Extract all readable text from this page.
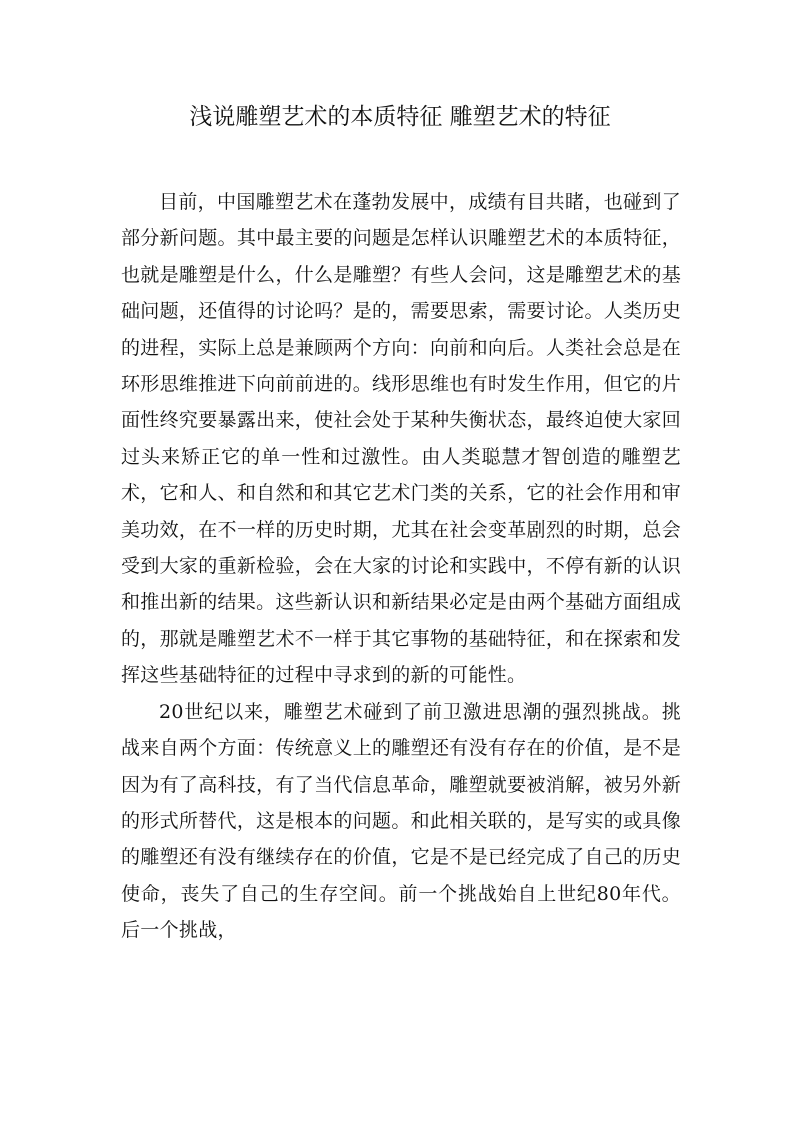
浅说雕塑艺术的本质特征 雕塑艺术的特征

目前，中国雕塑艺术在蓬勃发展中，成绩有目共睹，也碰到了部分新问题。其中最主要的问题是怎样认识雕塑艺术的本质特征，也就是雕塑是什么，什么是雕塑？有些人会问，这是雕塑艺术的基础问题，还值得的讨论吗？是的，需要思索，需要讨论。人类历史的进程，实际上总是兼顾两个方向：向前和向后。人类社会总是在环形思维推进下向前前进的。线形思维也有时发生作用，但它的片面性终究要暴露出来，使社会处于某种失衡状态，最终迫使大家回过头来矫正它的单一性和过激性。由人类聪慧才智创造的雕塑艺术，它和人、和自然和和其它艺术门类的关系，它的社会作用和审美功效，在不一样的历史时期，尤其在社会变革剧烈的时期，总会受到大家的重新检验，会在大家的讨论和实践中，不停有新的认识和推出新的结果。这些新认识和新结果必定是由两个基础方面组成的，那就是雕塑艺术不一样于其它事物的基础特征，和在探索和发挥这些基础特征的过程中寻求到的新的可能性。

20世纪以来，雕塑艺术碰到了前卫激进思潮的强烈挑战。挑战来自两个方面：传统意义上的雕塑还有没有存在的价值，是不是因为有了高科技，有了当代信息革命，雕塑就要被消解，被另外新的形式所替代，这是根本的问题。和此相关联的，是写实的或具像的雕塑还有没有继续存在的价值，它是不是已经完成了自己的历史使命，丧失了自己的生存空间。前一个挑战始自上世纪80年代。后一个挑战，
